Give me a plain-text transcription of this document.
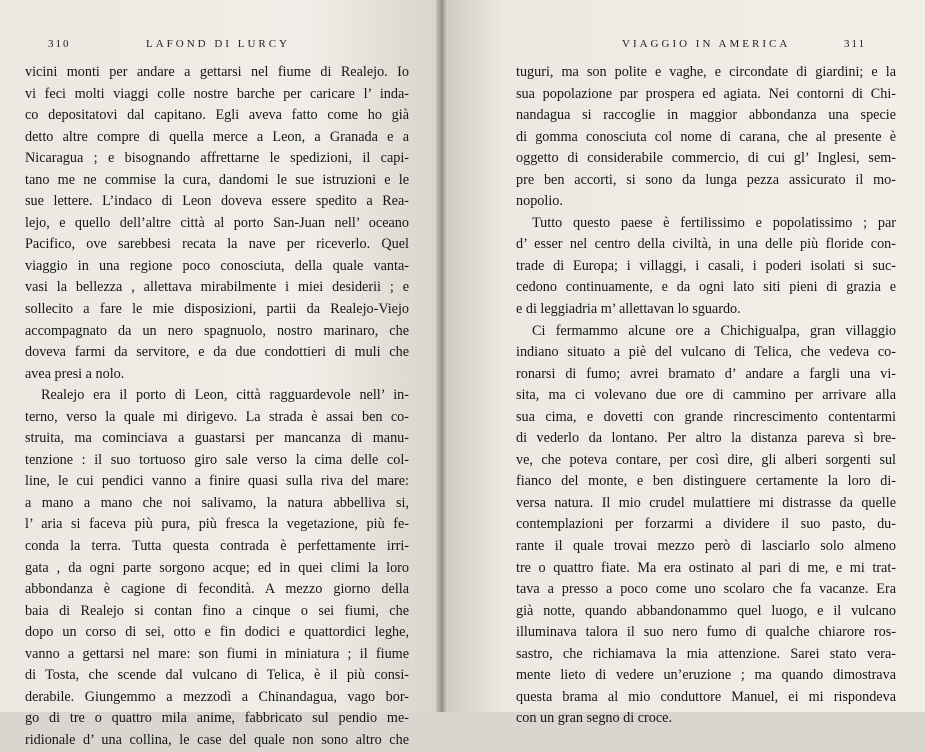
310	LAFOND DI LURCY
vicini monti per andare a gettarsi nel fiume di Realejo. Io
vi feci molti viaggi colle nostre barche per caricare l’ inda-
co depositatovi dal capitano. Egli aveva fatto come ho già
detto altre compre di quella merce a Leon, a Granada e a
Nicaragua ; e bisognando affrettarne le spedizioni, il capi-
tano me ne commise la cura, dandomi le sue istruzioni e le
sue lettere. L’indaco di Leon doveva essere spedito a Rea-
lejo, e quello dell’altre città al porto San-Juan nell’ oceano
Pacifico, ove sarebbesi recata la nave per riceverlo. Quel
viaggio in una regione poco conosciuta, della quale vanta-
vasi la bellezza , allettava mirabilmente i miei desiderii ; e
sollecito a fare le mie disposizioni, partii da Realejo-Viejo
accompagnato da un nero spagnuolo, nostro marinaro, che
doveva farmi da servitore, e da due condottieri di muli che
avea presi a nolo.
Realejo era il porto di Leon, città ragguardevole nell’ in-
terno, verso la quale mi dirigevo. La strada è assai ben co-
struita, ma cominciava a guastarsi per mancanza di manu-
tenzione : il suo tortuoso giro sale verso la cima delle col-
line, le cui pendici vanno a finire quasi sulla riva del mare:
a mano a mano che noi salivamo, la natura abbelliva si,
l’ aria si faceva più pura, più fresca la vegetazione, più fe-
conda la terra. Tutta questa contrada è perfettamente irri-
gata , da ogni parte sorgono acque; ed in quei climi la loro
abbondanza è cagione di fecondità. A mezzo giorno della
baia di Realejo si contan fino a cinque o sei fiumi, che
dopo un corso di sei, otto e fin dodici e quattordici leghe,
vanno a gettarsi nel mare: son fiumi in miniatura ; il fiume
di Tosta, che scende dal vulcano di Telica, è il più consi-
derabile. Giungemmo a mezzodì a Chinandagua, vago bor-
go di tre o quattro mila anime, fabbricato sul pendio me-
ridionale d’ una collina, le case del quale non sono altro che
VIAGGIO IN AMERICA	311
tuguri, ma son polite e vaghe, e circondate di giardini; e la
sua popolazione par prospera ed agiata. Nei contorni di Chi-
nandagua si raccoglie in maggior abbondanza una specie
di gomma conosciuta col nome di carana, che al presente è
oggetto di considerabile commercio, di cui gl’ Inglesi, sem-
pre ben accorti, si sono da lunga pezza assicurato il mo-
nopolio.
Tutto questo paese è fertilissimo e popolatissimo ; par
d’ esser nel centro della civiltà, in una delle più floride con-
trade di Europa; i villaggi, i casali, i poderi isolati si suc-
cedono continuamente, e da ogni lato siti pieni di grazia e
e di leggiadria m’ allettavan lo sguardo.
Ci fermammo alcune ore a Chichigualpa, gran villaggio
indiano situato a piè del vulcano di Telica, che vedeva co-
ronarsi di fumo; avrei bramato d’ andare a fargli una vi-
sita, ma ci volevano due ore di cammino per arrivare alla
sua cima, e dovetti con grande rincrescimento contentarmi
di vederlo da lontano. Per altro la distanza pareva sì bre-
ve, che poteva contare, per così dire, gli alberi sorgenti sul
fianco del monte, e ben distinguere certamente la loro di-
versa natura. Il mio crudel mulattiere mi distrasse da quelle
contemplazioni per forzarmi a dividere il suo pasto, du-
rante il quale trovai mezzo però di lasciarlo solo almeno
tre o quattro fiate. Ma era ostinato al pari di me, e mi trat-
tava a presso a poco come uno scolaro che fa vacanze. Era
già notte, quando abbandonammo quel luogo, e il vulcano
illuminava talora il suo nero fumo di qualche chiarore ros-
sastro, che richiamava la mia attenzione. Sarei stato vera-
mente lieto di vedere un’eruzione ; ma quando dimostrava
questa brama al mio conduttore Manuel, ei mi rispondeva
con un gran segno di croce.
